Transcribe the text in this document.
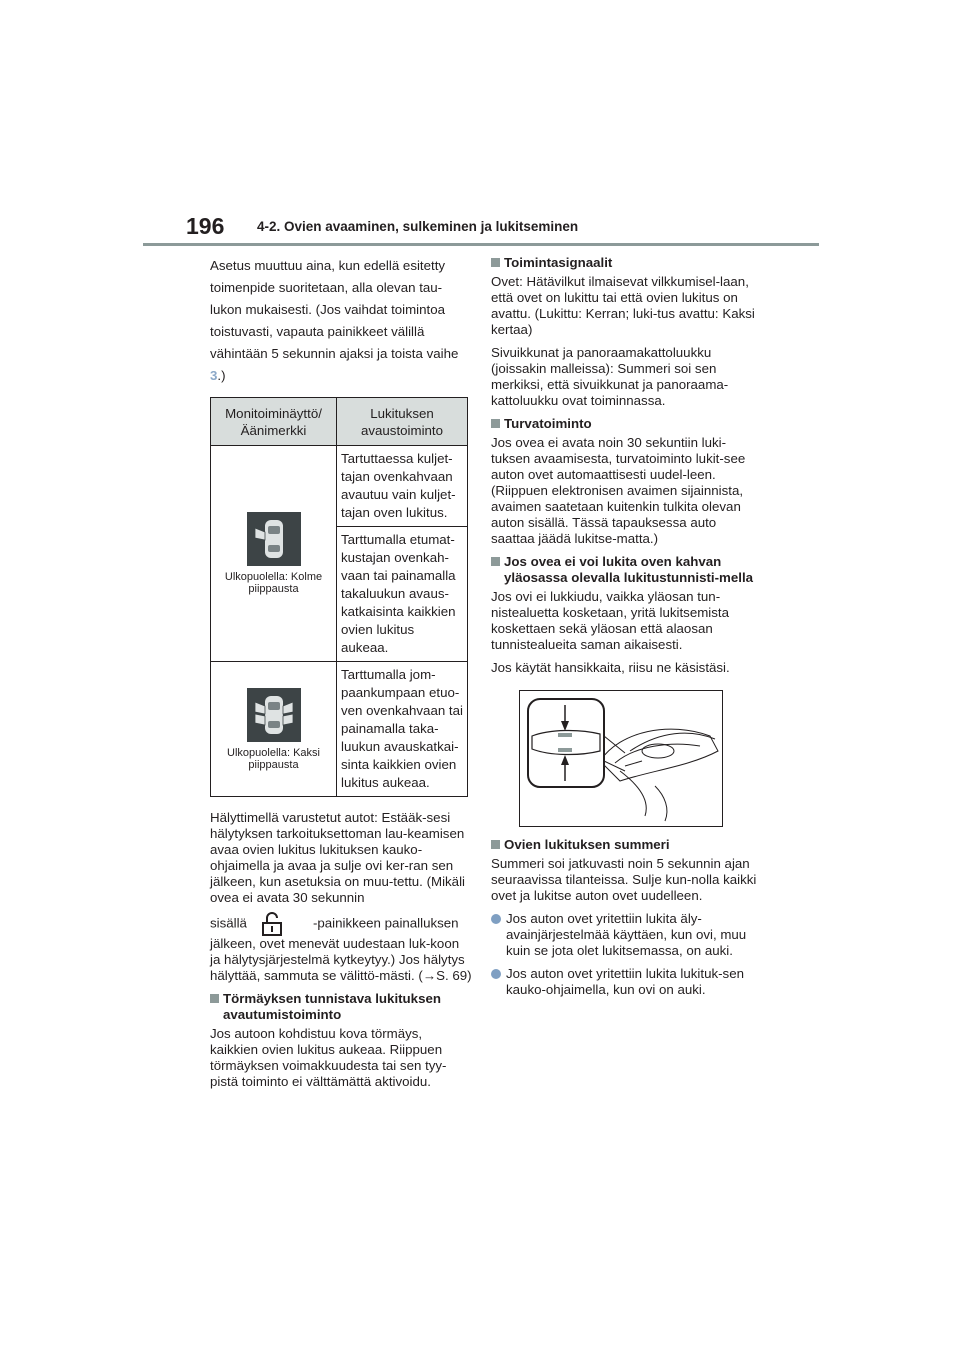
196 4-2. Ovien avaaminen, sulkeminen ja lukitseminen
Asetus muuttuu aina, kun edellä esitetty toimenpide suoritetaan, alla olevan tau-lukon mukaisesti. (Jos vaihdat toimintoa toistuvasti, vapauta painikkeet välillä vähintään 5 sekunnin ajaksi ja toista vaihe 3.)
Monitoiminäyttö/ Äänimerkki	Lukituksen avaustoiminto

Ulkopuolella: Kolme piippausta	Tartuttaessa kuljet-tajan ovenkahvaan avautuu vain kuljet-tajan oven lukitus.
	Tarttumalla etumat-kustajan ovenkah-vaan tai painamalla takaluukun avaus-katkaisinta kaikkien ovien lukitus aukeaa.

Ulkopuolella: Kaksi piippausta	Tarttumalla jom-paankumpaan etuo-ven ovenkahvaan tai painamalla taka-luukun avauskatkai-sinta kaikkien ovien lukitus aukeaa.
Hälyttimellä varustetut autot: Estääk-sesi hälytyksen tarkoituksettoman lau-keamisen avaa ovien lukitus lukituksen kauko-ohjaimella ja avaa ja sulje ovi ker-ran sen jälkeen, kun asetuksia on muu-tettu. (Mikäli ovea ei avata 30 sekunnin
sisällä	-painikkeen painalluksen jälkeen, ovet menevät uudestaan luk-koon ja hälytysjärjestelmä kytkeytyy.) Jos hälytys hälyttää, sammuta se välittö-mästi. (→S. 69)
Törmäyksen tunnistava lukituksen avautumistoiminto
Jos autoon kohdistuu kova törmäys, kaikkien ovien lukitus aukeaa. Riippuen törmäyksen voimakkuudesta tai sen tyy-pistä toiminto ei välttämättä aktivoidu.
Toimintasignaalit
Ovet: Hätävilkut ilmaisevat vilkkumisel-laan, että ovet on lukittu tai että ovien lukitus on avattu. (Lukittu: Kerran; luki-tus avattu: Kaksi kertaa)
Sivuikkunat ja panoraamakattoluukku (joissakin malleissa): Summeri soi sen merkiksi, että sivuikkunat ja panoraama-kattoluukku ovat toiminnassa.
Turvatoiminto
Jos ovea ei avata noin 30 sekuntiin luki-tuksen avaamisesta, turvatoiminto lukit-see auton ovet automaattisesti uudel-leen. (Riippuen elektronisen avaimen sijainnista, avaimen saatetaan kuitenkin tulkita olevan auton sisällä. Tässä tapauksessa auto saattaa jäädä lukitse-matta.)
Jos ovea ei voi lukita oven kahvan yläosassa olevalla lukitustunnisti-mella
Jos ovi ei lukkiudu, vaikka yläosan tun-nistealuetta kosketaan, yritä lukitsemista koskettaen sekä yläosan että alaosan tunnistealueita saman aikaisesti.
Jos käytät hansikkaita, riisu ne käsistäsi.
Ovien lukituksen summeri
Summeri soi jatkuvasti noin 5 sekunnin ajan seuraavissa tilanteissa. Sulje kun-nolla kaikki ovet ja lukitse auton ovet uudelleen.
Jos auton ovet yritettiin lukita äly-avainjärjestelmää käyttäen, kun ovi, muu kuin se jota olet lukitsemassa, on auki.
Jos auton ovet yritettiin lukita lukituk-sen kauko-ohjaimella, kun ovi on auki.
